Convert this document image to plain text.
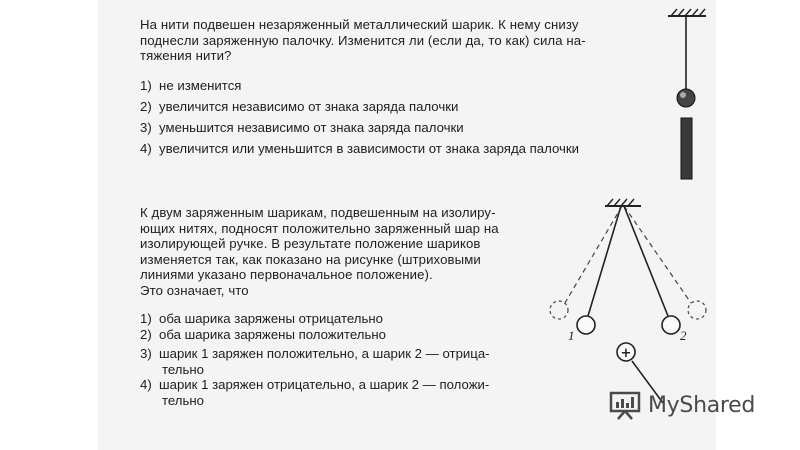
На нити подвешен незаряженный металлический шарик. К нему снизу
поднесли заряженную палочку. Изменится ли (если да, то как) сила на-
тяжения нити?
1)  не изменится
2)  увеличится независимо от знака заряда палочки
3)  уменьшится независимо от знака заряда палочки
4)  увеличится или уменьшится в зависимости от знака заряда палочки
К двум заряженным шарикам, подвешенным на изолиру-
ющих нитях, подносят положительно заряженный шар на
изолирующей ручке. В результате положение шариков
изменяется так, как показано на рисунке (штриховыми
линиями указано первоначальное положение).
Это означает, что
1)  оба шарика заряжены отрицательно
2)  оба шарика заряжены положительно
3)  шарик 1 заряжен положительно, а шарик 2 — отрица-
тельно
4)  шарик 1 заряжен отрицательно, а шарик 2 — положи-
тельно
1	2
+
MyShared
